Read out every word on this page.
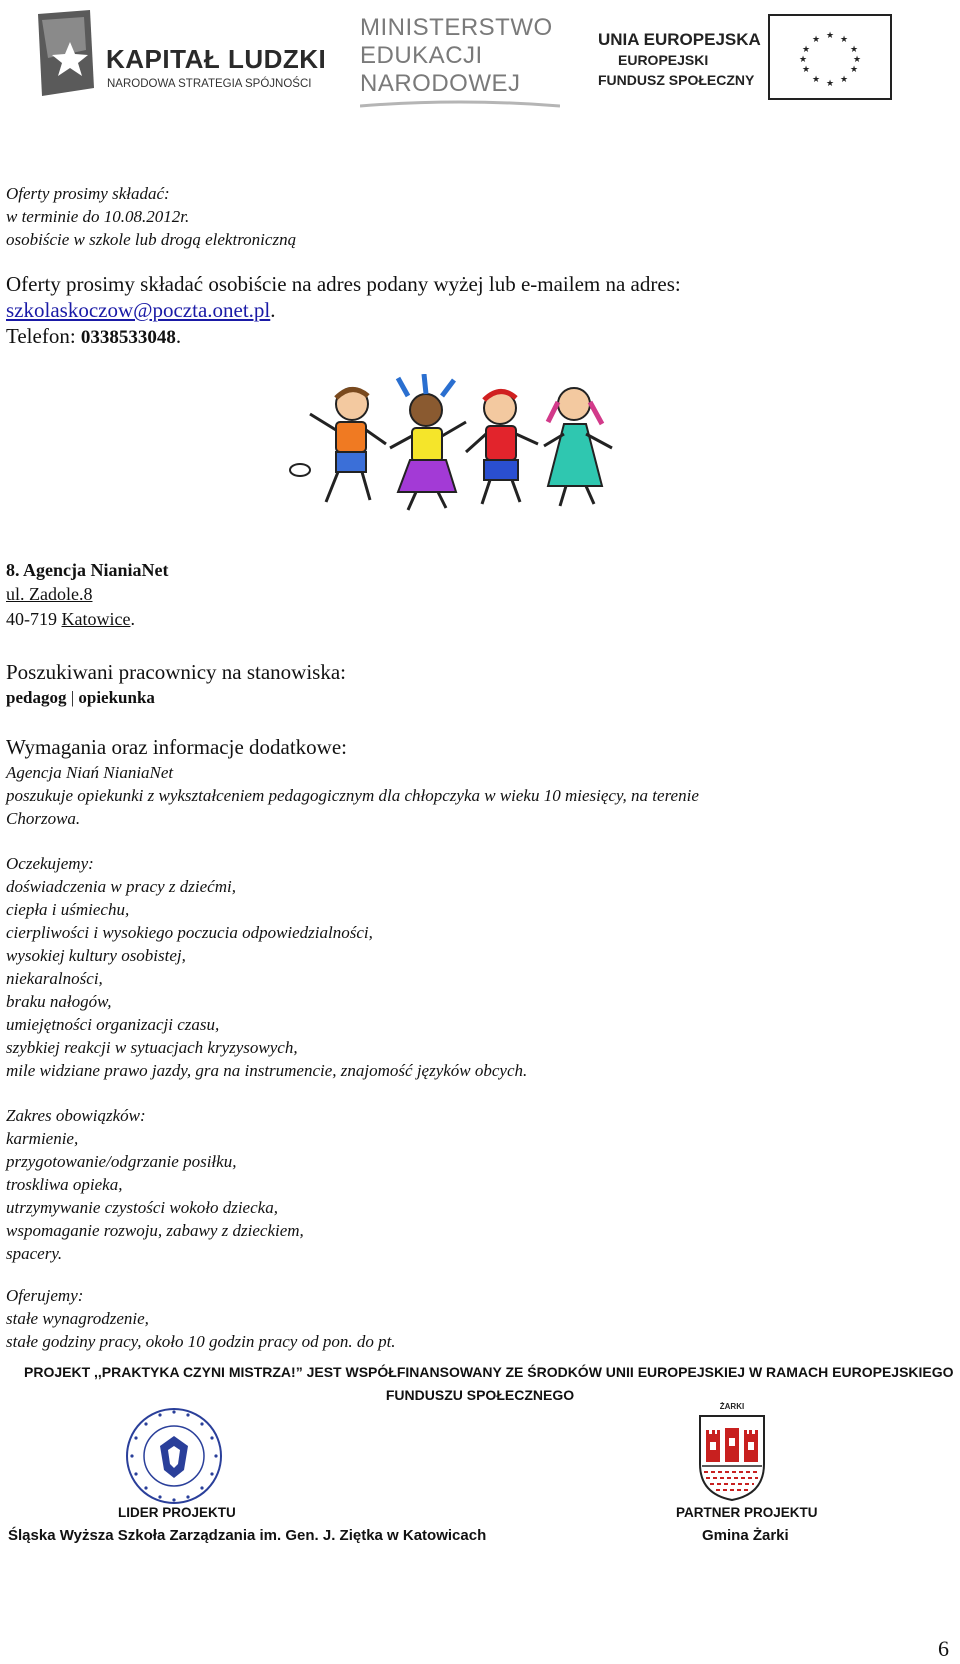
KAPITAŁ LUDZKI
NARODOWA STRATEGIA SPÓJNOŚCI
MINISTERSTWO
EDUKACJI
NARODOWEJ
UNIA EUROPEJSKA
EUROPEJSKI
FUNDUSZ SPOŁECZNY
★ ★
★
★
★
★
★
★
★
★
★
★
Oferty prosimy składać:
w terminie do 10.08.2012r.
osobiście w szkole lub drogą elektroniczną
Oferty prosimy składać osobiście na adres podany wyżej lub e-mailem na adres:
szkolaskoczow@poczta.onet.pl.
Telefon: 0338533048.
8. Agencja NianiaNet
ul. Zadole.8
40-719 Katowice.
Poszukiwani pracownicy na stanowiska:
pedagog | opiekunka
Wymagania oraz informacje dodatkowe:
Agencja Niań NianiaNet
poszukuje opiekunki z wykształceniem pedagogicznym dla chłopczyka w wieku 10 miesięcy, na terenie
Chorzowa.
Oczekujemy:
doświadczenia w pracy z dziećmi,
ciepła i uśmiechu,
cierpliwości i wysokiego poczucia odpowiedzialności,
wysokiej kultury osobistej,
niekaralności,
braku nałogów,
umiejętności organizacji czasu,
szybkiej reakcji w sytuacjach kryzysowych,
mile widziane prawo jazdy, gra na instrumencie, znajomość języków obcych.
Zakres obowiązków:
karmienie,
przygotowanie/odgrzanie posiłku,
troskliwa opieka,
utrzymywanie czystości wokoło dziecka,
wspomaganie rozwoju, zabawy z dzieckiem,
spacery.
Oferujemy:
stałe wynagrodzenie,
stałe godziny pracy, około 10 godzin pracy od pon. do pt.
PROJEKT ,,PRAKTYKA CZYNI MISTRZA!” JEST WSPÓŁFINANSOWANY ZE ŚRODKÓW UNII EUROPEJSKIEJ W RAMACH EUROPEJSKIEGO
FUNDUSZU SPOŁECZNEGO
ŻARKI
LIDER PROJEKTU	PARTNER PROJEKTU
Śląska Wyższa Szkoła Zarządzania im. Gen. J. Ziętka w Katowicach	Gmina Żarki
6
